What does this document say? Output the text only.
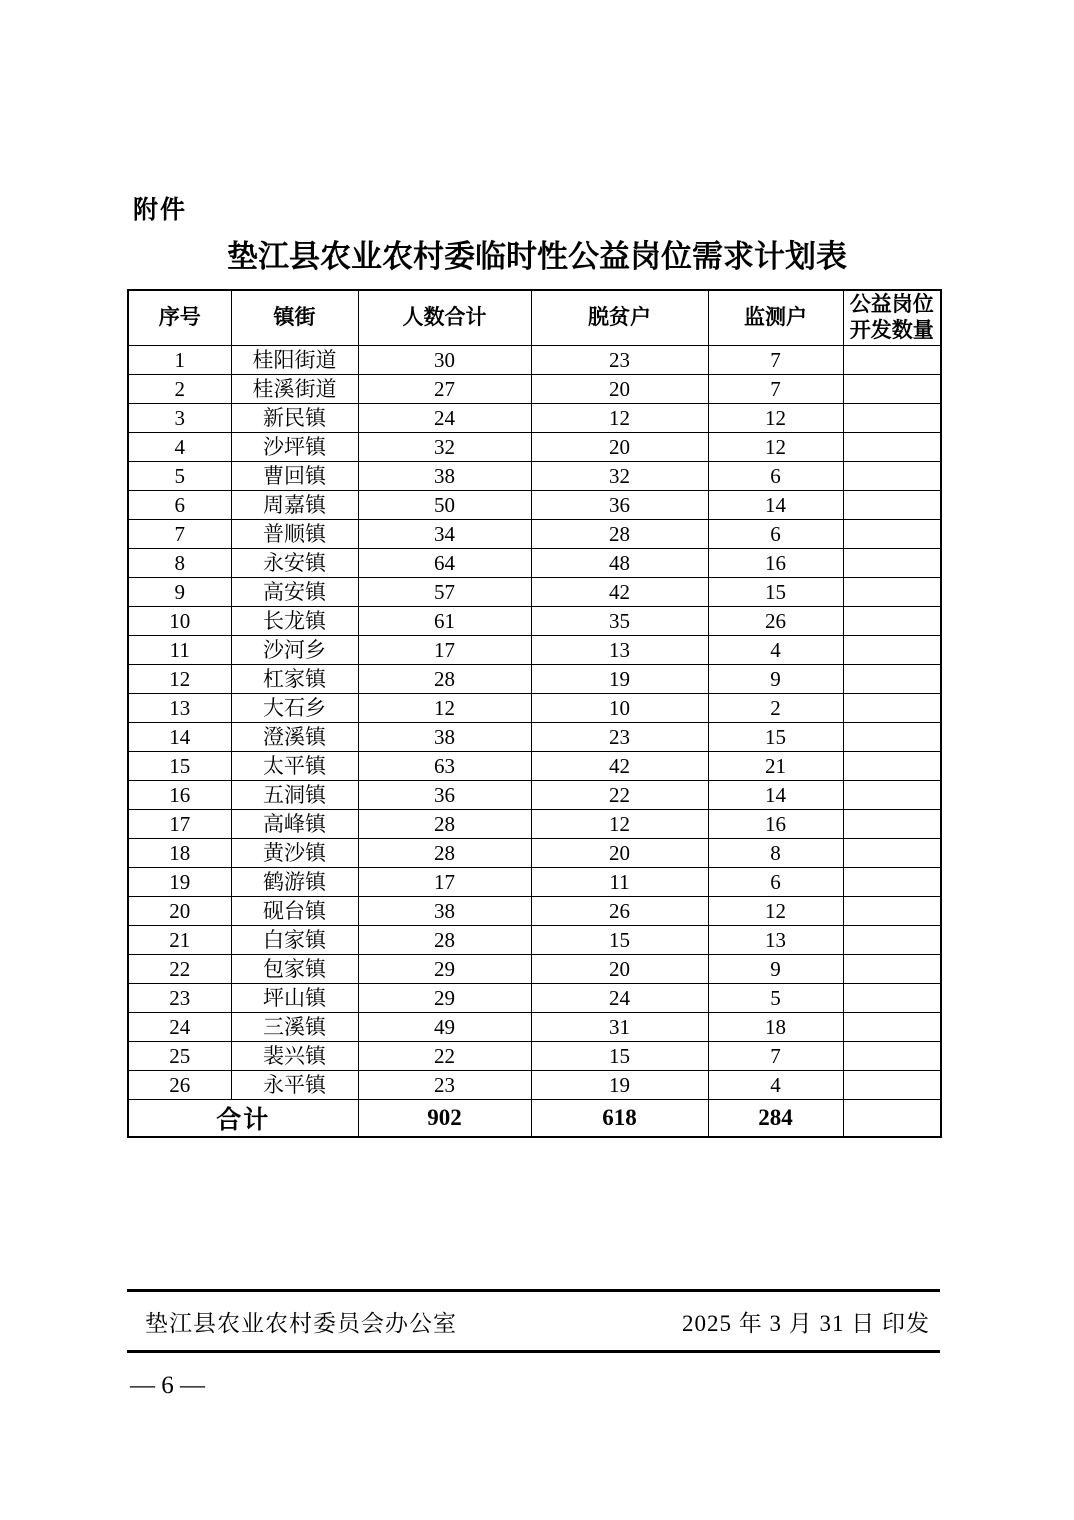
附件
垫江县农业农村委临时性公益岗位需求计划表
序号	镇街	人数合计	脱贫户	监测户	公益岗位开发数量
1	桂阳街道	30	23	7	
2	桂溪街道	27	20	7	
3	新民镇	24	12	12	
4	沙坪镇	32	20	12	
5	曹回镇	38	32	6	
6	周嘉镇	50	36	14	
7	普顺镇	34	28	6	
8	永安镇	64	48	16	
9	高安镇	57	42	15	
10	长龙镇	61	35	26	
11	沙河乡	17	13	4	
12	杠家镇	28	19	9	
13	大石乡	12	10	2	
14	澄溪镇	38	23	15	
15	太平镇	63	42	21	
16	五洞镇	36	22	14	
17	高峰镇	28	12	16	
18	黄沙镇	28	20	8	
19	鹤游镇	17	11	6	
20	砚台镇	38	26	12	
21	白家镇	28	15	13	
22	包家镇	29	20	9	
23	坪山镇	29	24	5	
24	三溪镇	49	31	18	
25	裴兴镇	22	15	7	
26	永平镇	23	19	4	
合计		902	618	284	
垫江县农业农村委员会办公室	2025 年 3 月 31 日 印发
— 6 —
